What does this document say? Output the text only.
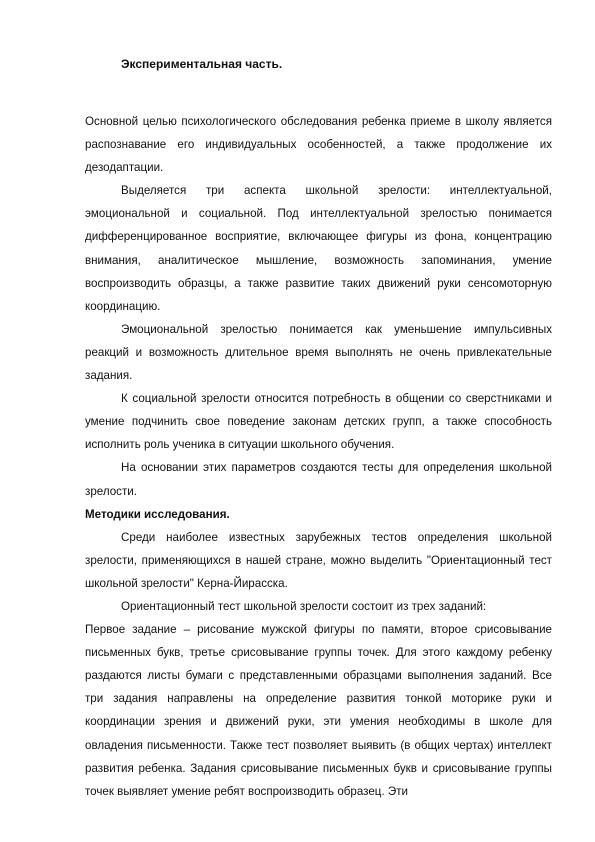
Экспериментальная часть.

Основной целью психологического обследования ребенка приеме в школу является распознавание его индивидуальных особенностей, а также продолжение их дезодаптации.

Выделяется три аспекта школьной зрелости: интеллектуальной, эмоциональной и социальной. Под интеллектуальной зрелостью понимается дифференцированное восприятие, включающее фигуры из фона, концентрацию внимания, аналитическое мышление, возможность запоминания, умение воспроизводить образцы, а также развитие таких движений руки сенсомоторную координацию.

Эмоциональной зрелостью понимается как уменьшение импульсивных реакций и возможность длительное время выполнять не очень привлекательные задания.

К социальной зрелости относится потребность в общении со сверстниками и умение подчинить свое поведение законам детских групп, а также способность исполнить роль ученика в ситуации школьного обучения.

На основании этих параметров создаются тесты для определения школьной зрелости.

Методики исследования.

Среди наиболее известных зарубежных тестов определения школьной зрелости, применяющихся в нашей стране, можно выделить "Ориентационный тест школьной зрелости" Керна-Йирасска.

Ориентационный тест школьной зрелости состоит из трех заданий:

Первое задание – рисование мужской фигуры по памяти, второе срисовывание письменных букв, третье срисовывание группы точек. Для этого каждому ребенку раздаются листы бумаги с представленными образцами выполнения заданий. Все три задания направлены на определение развития тонкой моторике руки и координации зрения и движений руки, эти умения необходимы в школе для овладения письменности. Также тест позволяет выявить (в общих чертах) интеллект развития ребенка. Задания срисовывание письменных букв и срисовывание группы точек выявляет умение ребят воспроизводить образец. Эти
